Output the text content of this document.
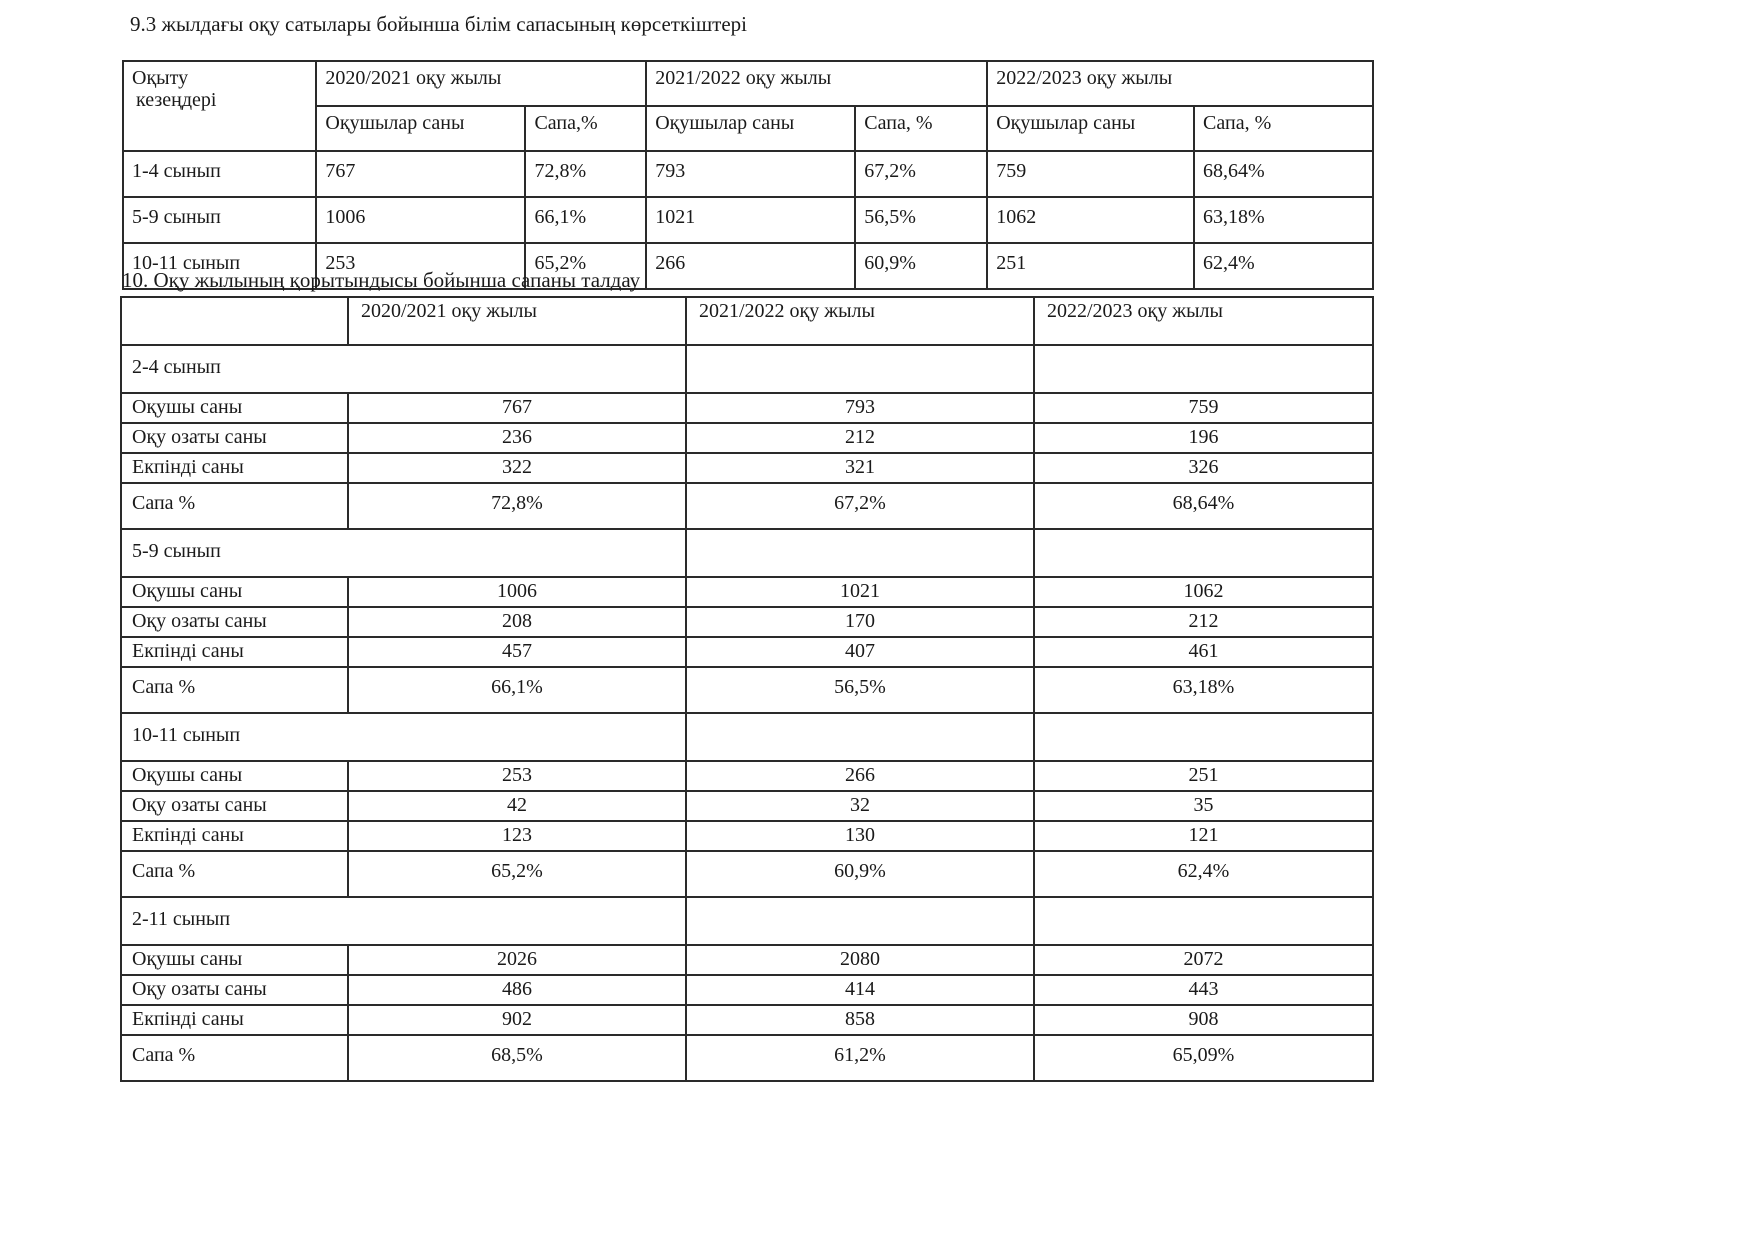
9.3 жылдағы оқу сатылары бойынша білім сапасының көрсеткіштері
Оқыту
кезеңдері	2020/2021 оқу жылы		2021/2022 оқу жылы		2022/2023 оқу жылы	
	Оқушылар саны	Сапа,%	Оқушылар саны	Сапа, %	Оқушылар саны	Сапа, %
1-4 сынып	767	72,8%	793	67,2%	759	68,64%
5-9 сынып	1006	66,1%	1021	56,5%	1062	63,18%
10-11 сынып	253	65,2%	266	60,9%	251	62,4%
10. Оқу жылының қорытындысы бойынша сапаны талдау
	2020/2021 оқу жылы	2021/2022 оқу жылы	2022/2023 оқу жылы
2-4 сынып			
Оқушы саны	767	793	759
Оқу озаты саны	236	212	196
Екпінді саны	322	321	326
Сапа %	72,8%	67,2%	68,64%
5-9 сынып			
Оқушы саны	1006	1021	1062
Оқу озаты саны	208	170	212
Екпінді саны	457	407	461
Сапа %	66,1%	56,5%	63,18%
10-11 сынып			
Оқушы саны	253	266	251
Оқу озаты саны	42	32	35
Екпінді саны	123	130	121
Сапа %	65,2%	60,9%	62,4%
2-11 сынып			
Оқушы саны	2026	2080	2072
Оқу озаты саны	486	414	443
Екпінді саны	902	858	908
Сапа %	68,5%	61,2%	65,09%
